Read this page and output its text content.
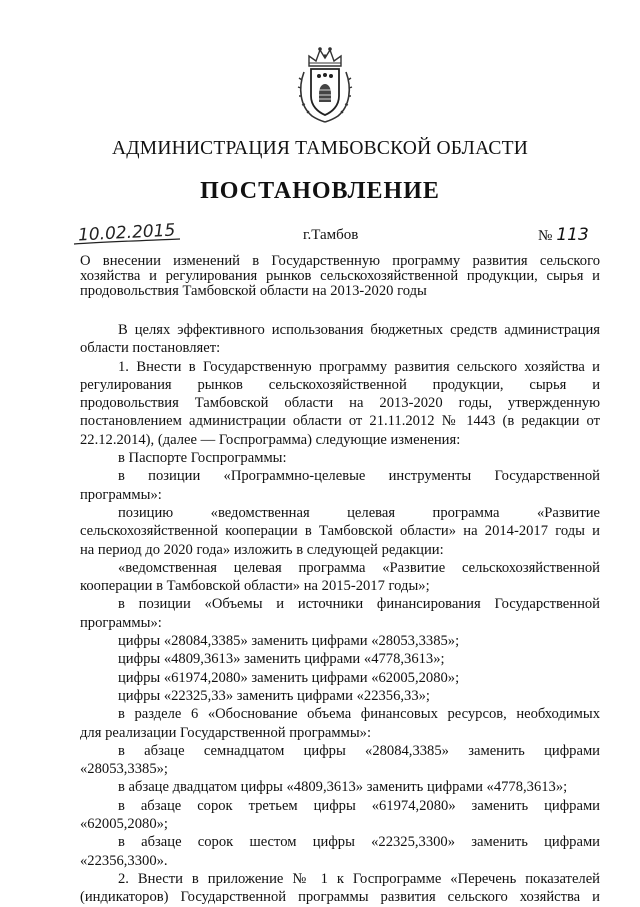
АДМИНИСТРАЦИЯ ТАМБОВСКОЙ ОБЛАСТИ
ПОСТАНОВЛЕНИЕ
10.02.2015	г.Тамбов	№ 113
О внесении изменений в Государственную программу развития сельского
хозяйства и регулирования рынков сельскохозяйственной продукции, сырья и
продовольствия Тамбовской области на 2013-2020 годы
В целях эффективного использования бюджетных средств администрация
области постановляет:
1. Внести в Государственную программу развития сельского хозяйства и
регулирования рынков сельскохозяйственной продукции, сырья и
продовольствия Тамбовской области на 2013-2020 годы, утвержденную
постановлением администрации области от 21.11.2012 № 1443 (в редакции от
22.12.2014), (далее — Госпрограмма) следующие изменения:
в Паспорте Госпрограммы:
в позиции «Программно-целевые инструменты Государственной
программы»:
позицию «ведомственная целевая программа «Развитие
сельскохозяйственной кооперации в Тамбовской области» на 2014-2017 годы и
на период до 2020 года» изложить в следующей редакции:
«ведомственная целевая программа «Развитие сельскохозяйственной
кооперации в Тамбовской области» на 2015-2017 годы»;
в позиции «Объемы и источники финансирования Государственной
программы»:
цифры «28084,3385» заменить цифрами «28053,3385»;
цифры «4809,3613» заменить цифрами «4778,3613»;
цифры «61974,2080» заменить цифрами «62005,2080»;
цифры «22325,33» заменить цифрами «22356,33»;
в разделе 6 «Обоснование объема финансовых ресурсов, необходимых
для реализации Государственной программы»:
в абзаце семнадцатом цифры «28084,3385» заменить цифрами
«28053,3385»;
в абзаце двадцатом цифры «4809,3613» заменить цифрами «4778,3613»;
в абзаце сорок третьем цифры «61974,2080» заменить цифрами
«62005,2080»;
в абзаце сорок шестом цифры «22325,3300» заменить цифрами
«22356,3300».
2. Внести в приложение № 1 к Госпрограмме «Перечень показателей
(индикаторов) Государственной программы развития сельского хозяйства и
